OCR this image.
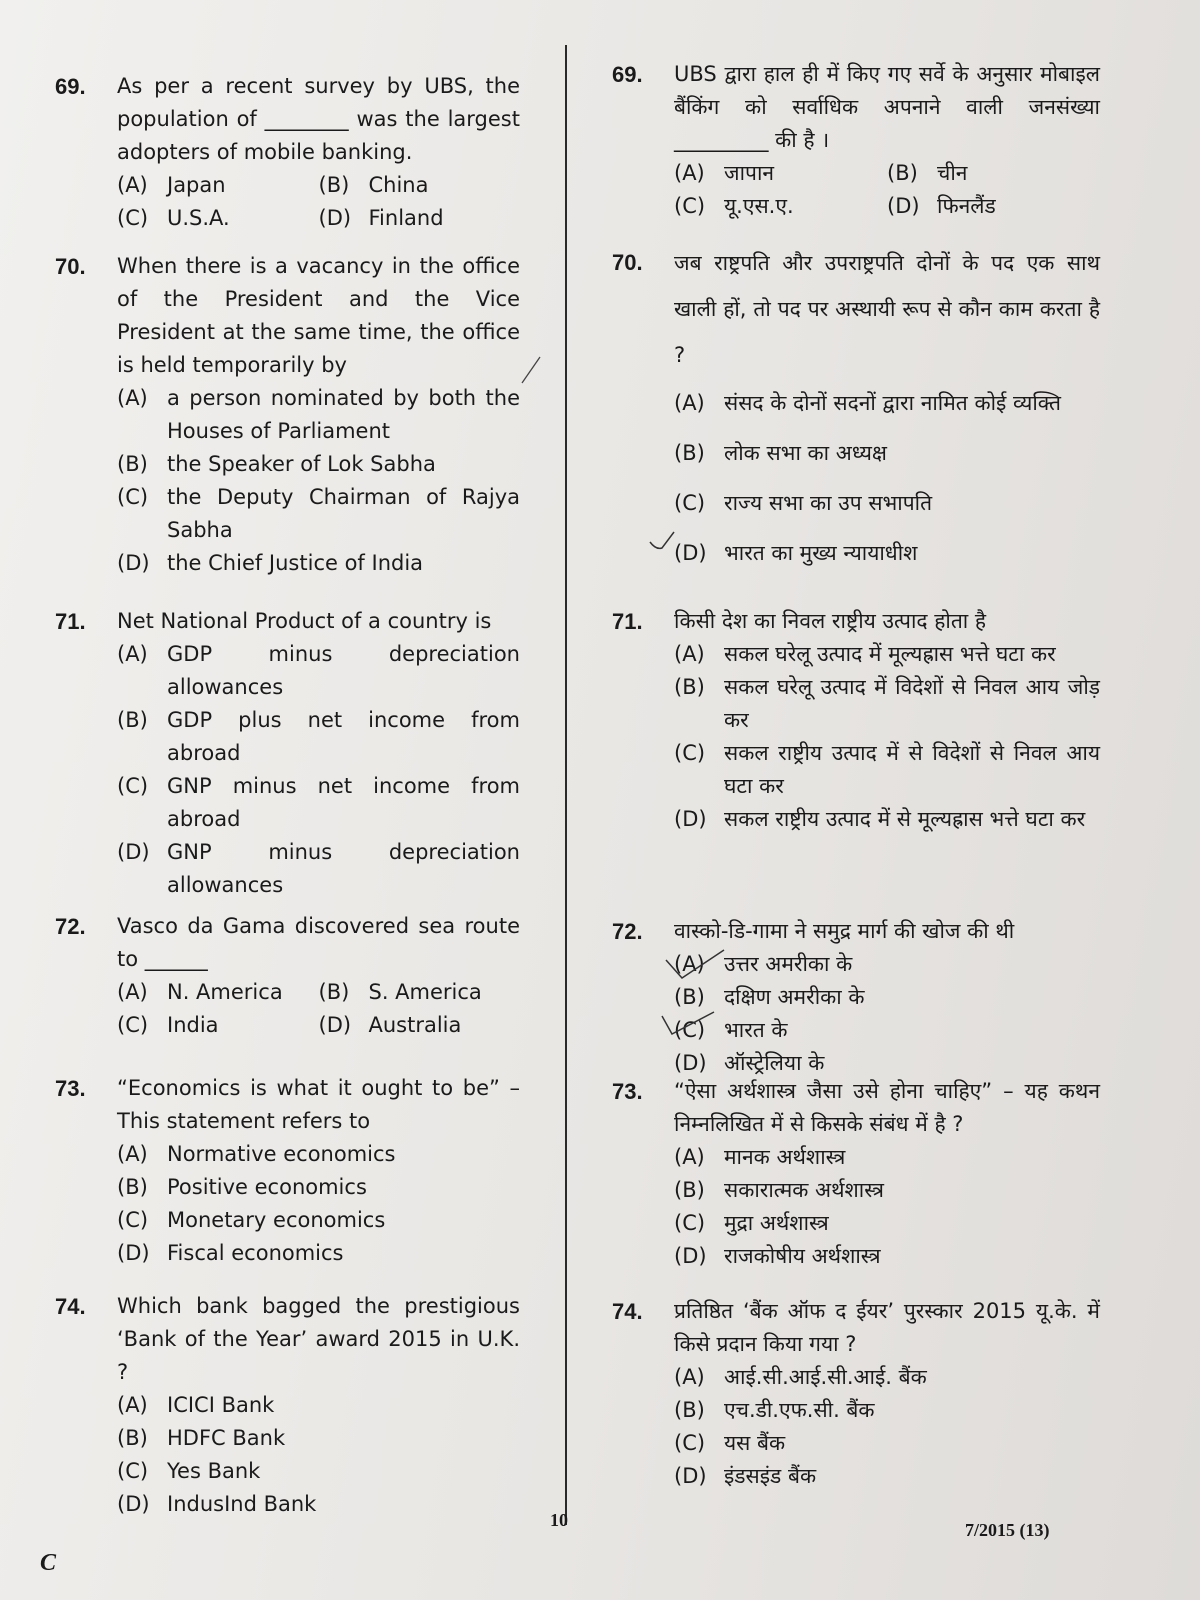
69. As per a recent survey by UBS, the population of ________ was the largest adopters of mobile banking.
(A) Japan	(B) China
(C) U.S.A.	(D) Finland
70. When there is a vacancy in the office of the President and the Vice President at the same time, the office is held temporarily by
(A) a person nominated by both the Houses of Parliament
(B) the Speaker of Lok Sabha
(C) the Deputy Chairman of Rajya Sabha
(D) the Chief Justice of India
71. Net National Product of a country is
(A) GDP minus depreciation allowances
(B) GDP plus net income from abroad
(C) GNP minus net income from abroad
(D) GNP minus depreciation allowances
72. Vasco da Gama discovered sea route to ______
(A) N. America	(B) S. America
(C) India	(D) Australia
73. “Economics is what it ought to be” – This statement refers to
(A) Normative economics
(B) Positive economics
(C) Monetary economics
(D) Fiscal economics
74. Which bank bagged the prestigious ‘Bank of the Year’ award 2015 in U.K. ?
(A) ICICI Bank
(B) HDFC Bank
(C) Yes Bank
(D) IndusInd Bank
69. UBS द्वारा हाल ही में किए गए सर्वे के अनुसार मोबाइल बैंकिंग को सर्वाधिक अपनाने वाली जनसंख्या _________ की है ।
(A) जापान	(B) चीन
(C) यू.एस.ए.	(D) फिनलैंड
70. जब राष्ट्रपति और उपराष्ट्रपति दोनों के पद एक साथ खाली हों, तो पद पर अस्थायी रूप से कौन काम करता है ?
(A) संसद के दोनों सदनों द्वारा नामित कोई व्यक्ति
(B) लोक सभा का अध्यक्ष
(C) राज्य सभा का उप सभापति
(D) भारत का मुख्य न्यायाधीश
71. किसी देश का निवल राष्ट्रीय उत्पाद होता है
(A) सकल घरेलू उत्पाद में मूल्यह्रास भत्ते घटा कर
(B) सकल घरेलू उत्पाद में विदेशों से निवल आय जोड़ कर
(C) सकल राष्ट्रीय उत्पाद में से विदेशों से निवल आय घटा कर
(D) सकल राष्ट्रीय उत्पाद में से मूल्यह्रास भत्ते घटा कर
72. वास्को-डि-गामा ने समुद्र मार्ग की खोज की थी
(A) उत्तर अमरीका के
(B) दक्षिण अमरीका के
(C) भारत के
(D) ऑस्ट्रेलिया के
73. “ऐसा अर्थशास्त्र जैसा उसे होना चाहिए” – यह कथन निम्नलिखित में से किसके संबंध में है ?
(A) मानक अर्थशास्त्र
(B) सकारात्मक अर्थशास्त्र
(C) मुद्रा अर्थशास्त्र
(D) राजकोषीय अर्थशास्त्र
74. प्रतिष्ठित ‘बैंक ऑफ द ईयर’ पुरस्कार 2015 यू.के. में किसे प्रदान किया गया ?
(A) आई.सी.आई.सी.आई. बैंक
(B) एच.डी.एफ.सी. बैंक
(C) यस बैंक
(D) इंडसइंड बैंक
10	7/2015 (13)
C
